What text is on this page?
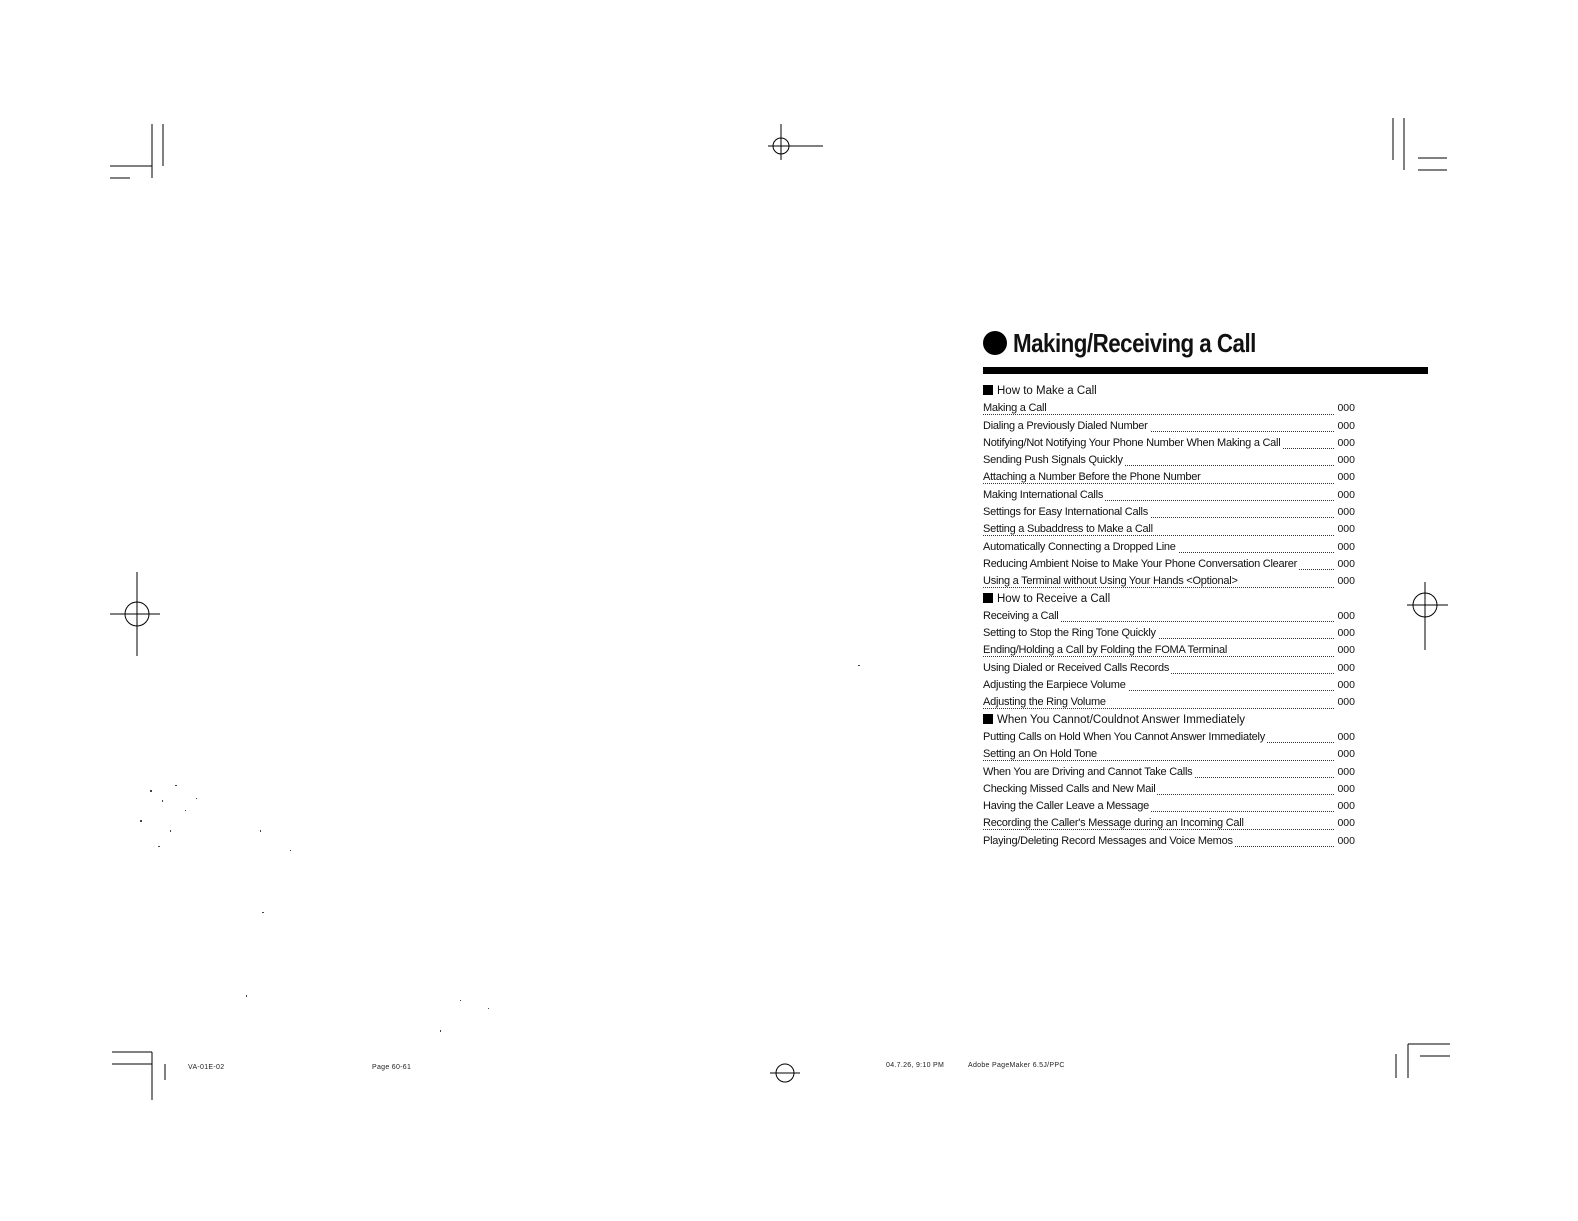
Making/Receiving a Call
How to Make a Call
Making a Call	000
Dialing a Previously Dialed Number	000
Notifying/Not Notifying Your Phone Number When Making a Call	000
Sending Push Signals Quickly	000
Attaching a Number Before the Phone Number	000
Making International Calls	000
Settings for Easy International Calls	000
Setting a Subaddress to Make a Call	000
Automatically Connecting a Dropped Line	000
Reducing Ambient Noise to Make Your Phone Conversation Clearer	000
Using a Terminal without Using Your Hands <Optional>	000
How to Receive a Call
Receiving a Call	000
Setting to Stop the Ring Tone Quickly	000
Ending/Holding a Call by Folding the FOMA Terminal	000
Using Dialed or Received Calls Records	000
Adjusting the Earpiece Volume	000
Adjusting the Ring Volume	000
When You Cannot/Couldnot Answer Immediately
Putting Calls on Hold When You Cannot Answer Immediately	000
Setting an On Hold Tone	000
When You are Driving and Cannot Take Calls	000
Checking Missed Calls and New Mail	000
Having the Caller Leave a Message	000
Recording the Caller's Message during an Incoming Call	000
Playing/Deleting Record Messages and Voice Memos	000
VA-01E-02	Page 60-61	04.7.26, 9:10 PM	Adobe PageMaker 6.5J/PPC
